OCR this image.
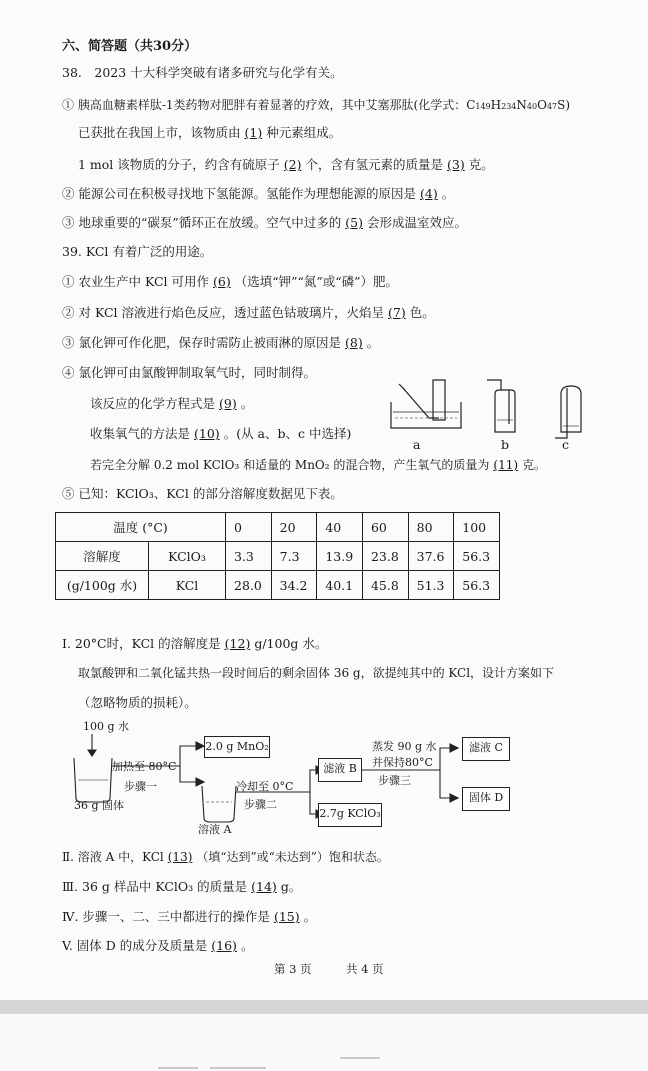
六、简答题（共30分）
38.　2023 十大科学突破有诸多研究与化学有关。
① 胰高血糖素样肽-1类药物对肥胖有着显著的疗效，其中艾塞那肽(化学式：C149H234N40O47S)
已获批在我国上市，该物质由 (1) 种元素组成。
1 mol 该物质的分子，约含有硫原子 (2) 个，含有氢元素的质量是 (3) 克。
② 能源公司在积极寻找地下氢能源。氢能作为理想能源的原因是 (4) 。
③ 地球重要的“碳泵”循环正在放缓。空气中过多的 (5) 会形成温室效应。
39. KCl 有着广泛的用途。
① 农业生产中 KCl 可用作 (6) （选填“钾”“氮”或“磷”）肥。
② 对 KCl 溶液进行焰色反应，透过蓝色钴玻璃片，火焰呈 (7) 色。
③ 氯化钾可作化肥，保存时需防止被雨淋的原因是 (8) 。
④ 氯化钾可由氯酸钾制取氧气时，同时制得。
该反应的化学方程式是 (9) 。
收集氧气的方法是 (10) 。(从 a、b、c 中选择)
a	b	c
若完全分解 0.2 mol KClO₃ 和适量的 MnO₂ 的混合物，产生氧气的质量为 (11) 克。
⑤ 已知：KClO₃、KCl 的部分溶解度数据见下表。
温度 (°C)		0	20	40	60	80	100
溶解度	KClO₃	3.3	7.3	13.9	23.8	37.6	56.3
(g/100g 水)	KCl	28.0	34.2	40.1	45.8	51.3	56.3
I. 20°C时，KCl 的溶解度是 (12) g/100g 水。
取氯酸钾和二氧化锰共热一段时间后的剩余固体 36 g，欲提纯其中的 KCl，设计方案如下
（忽略物质的损耗）。
100 g 水
加热至 80°C
步骤一
36 g 固体
2.0 g MnO₂
冷却至 0°C
步骤二
溶液 A
滤液 B
2.7g KClO₃
蒸发 90 g 水
并保持80°C
步骤三
滤液 C
固体 D
Ⅱ. 溶液 A 中，KCl (13) （填“达到”或“未达到”）饱和状态。
Ⅲ. 36 g 样品中 KClO₃ 的质量是 (14) g。
Ⅳ. 步骤一、二、三中都进行的操作是 (15) 。
V. 固体 D 的成分及质量是 (16) 。
第 3 页	共 4 页
